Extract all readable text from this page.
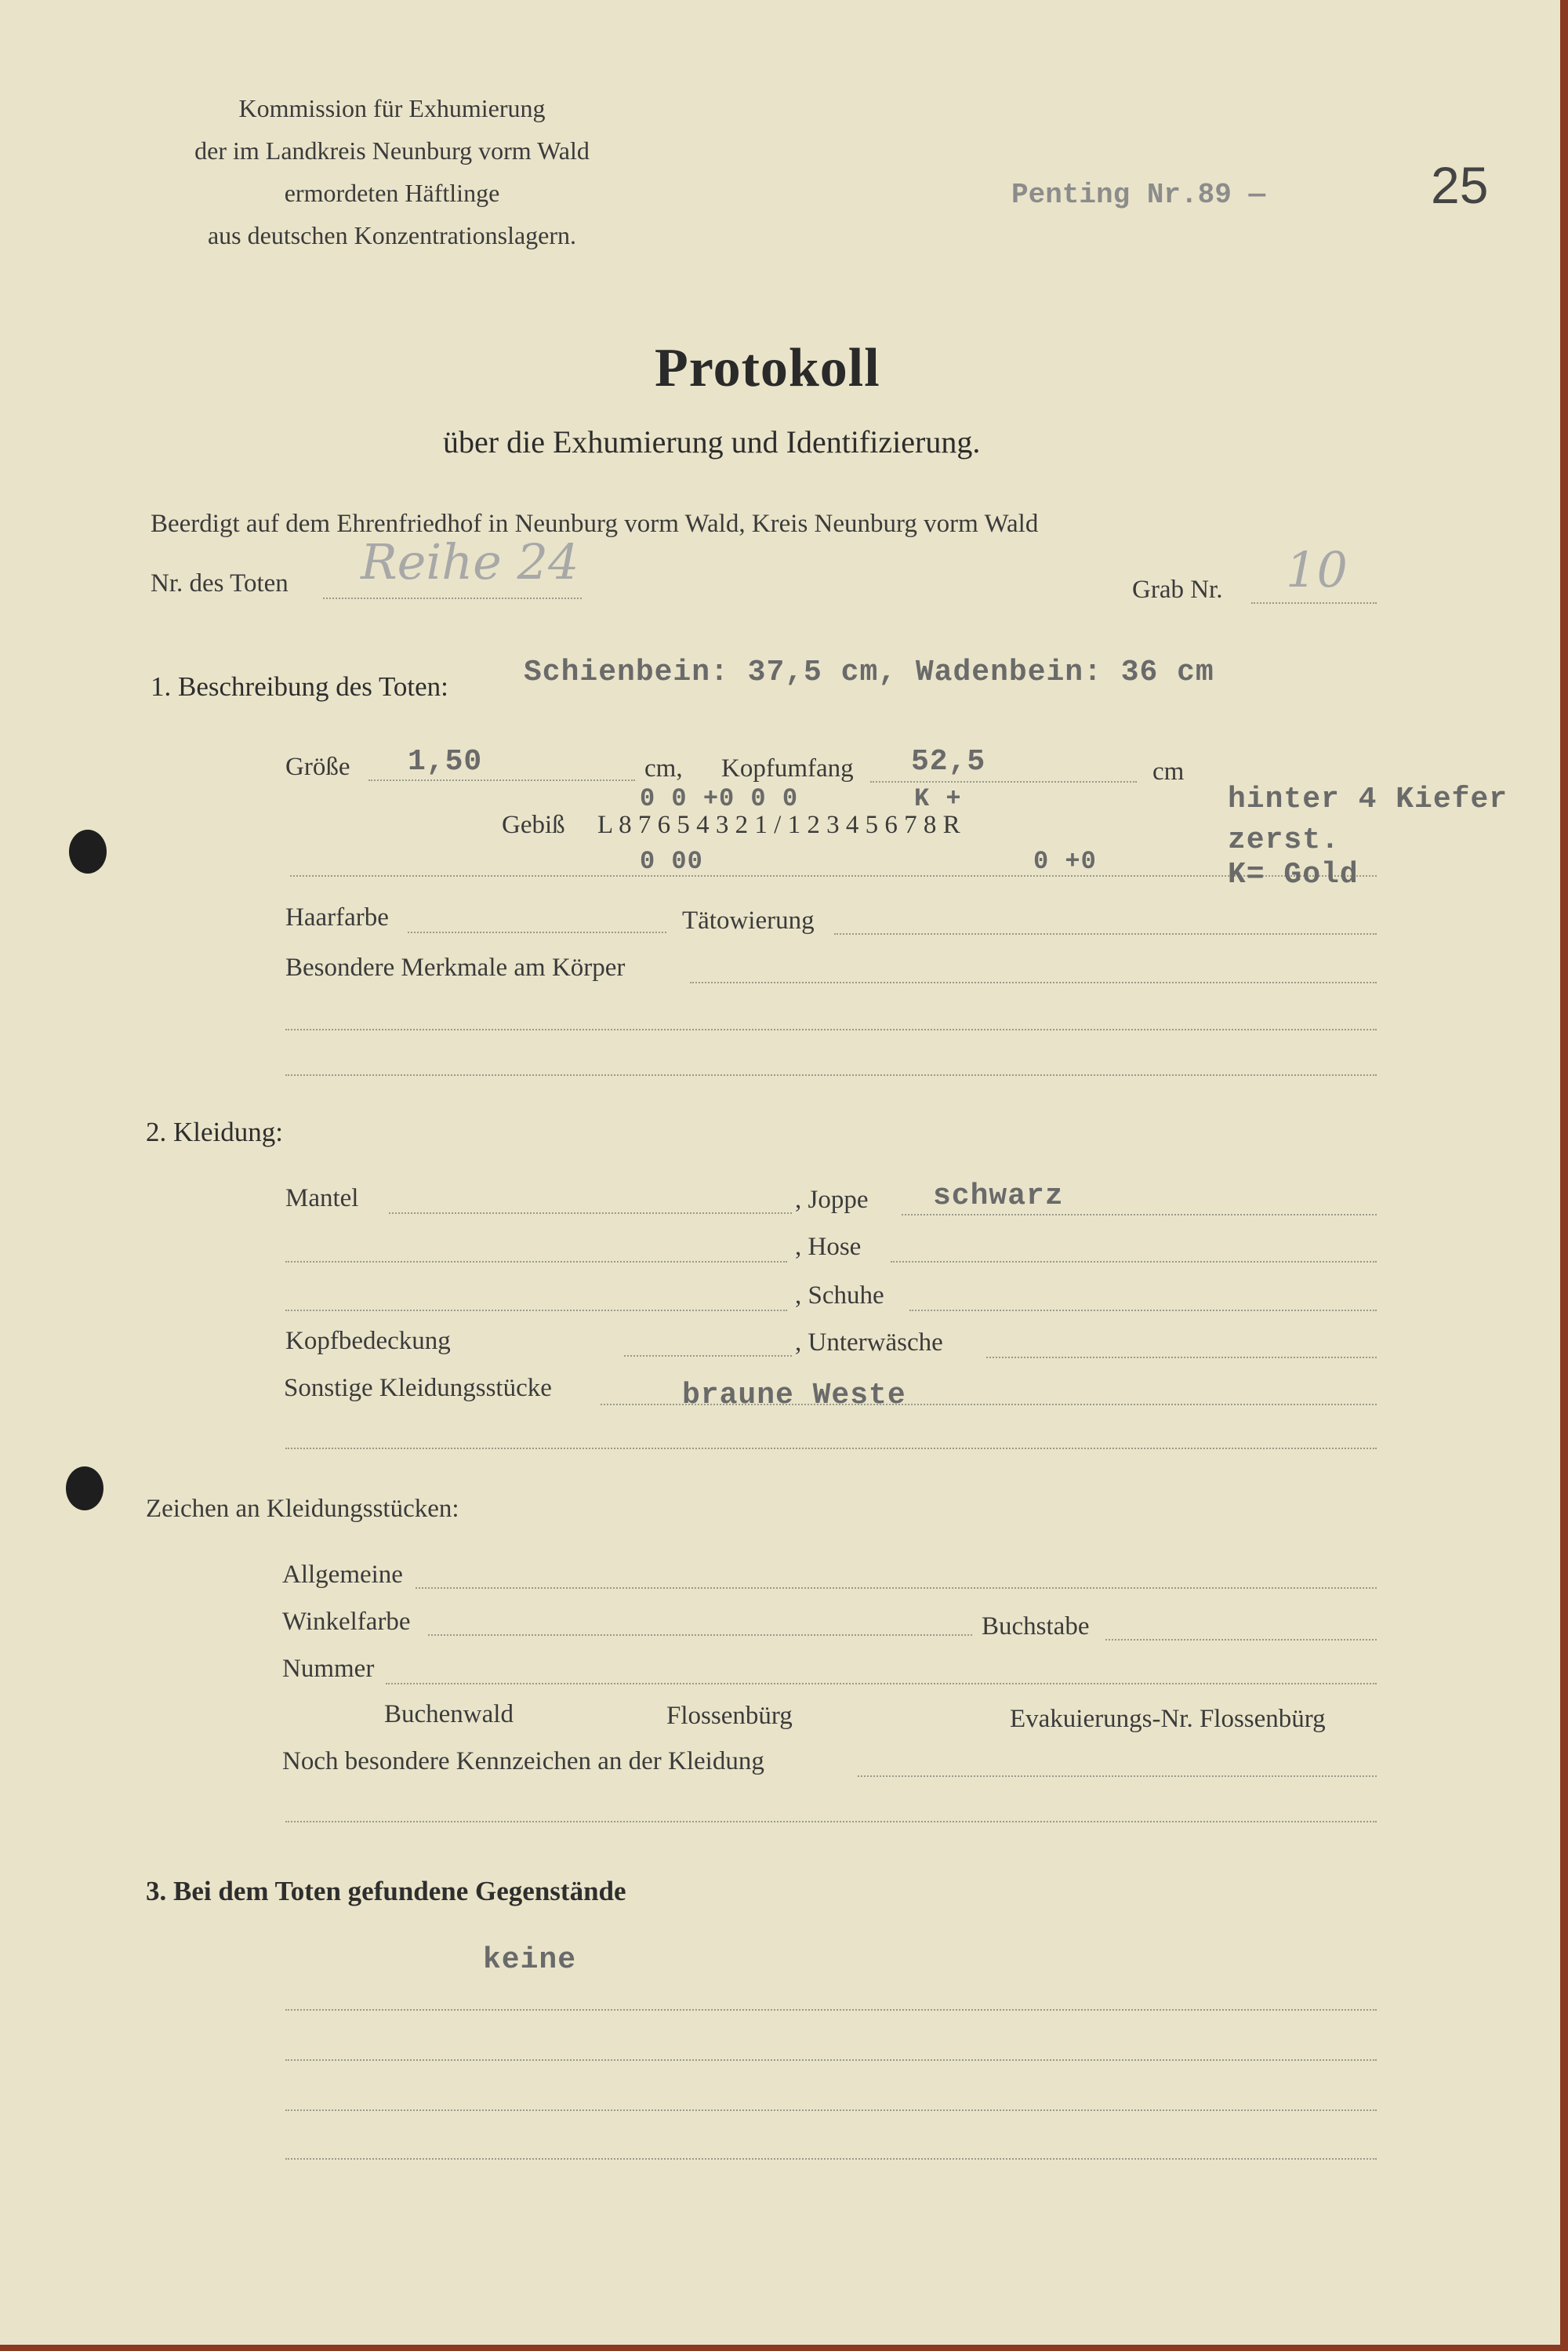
Kommission für Exhumierung
der im Landkreis Neunburg vorm Wald
ermordeten Häftlinge
aus deutschen Konzentrationslagern.
Penting Nr.89 —	25
Protokoll
über die Exhumierung und Identifizierung.
Beerdigt auf dem Ehrenfriedhof in Neunburg vorm Wald, Kreis Neunburg vorm Wald
Nr. des Toten Reihe 24	Grab Nr. 10
1. Beschreibung des Toten:	Schienbein: 37,5 cm, Wadenbein: 36 cm
Größe 1,50	cm, Kopfumfang 52,5	cm
0 0 +0 0 0	K +
Gebiß L 8 7 6 5 4 3 2 1 / 1 2 3 4 5 6 7 8 R
0 00	0 +0
hinter 4 Kiefer
zerst.
K= Gold
Haarfarbe	Tätowierung
Besondere Merkmale am Körper
2. Kleidung:
Mantel	, Joppe schwarz
, Hose
, Schuhe
Kopfbedeckung	, Unterwäsche
Sonstige Kleidungsstücke	braune Weste
Zeichen an Kleidungsstücken:
Allgemeine
Winkelfarbe	Buchstabe
Nummer
Buchenwald	Flossenbürg	Evakuierungs-Nr. Flossenbürg
Noch besondere Kennzeichen an der Kleidung
3. Bei dem Toten gefundene Gegenstände
keine
